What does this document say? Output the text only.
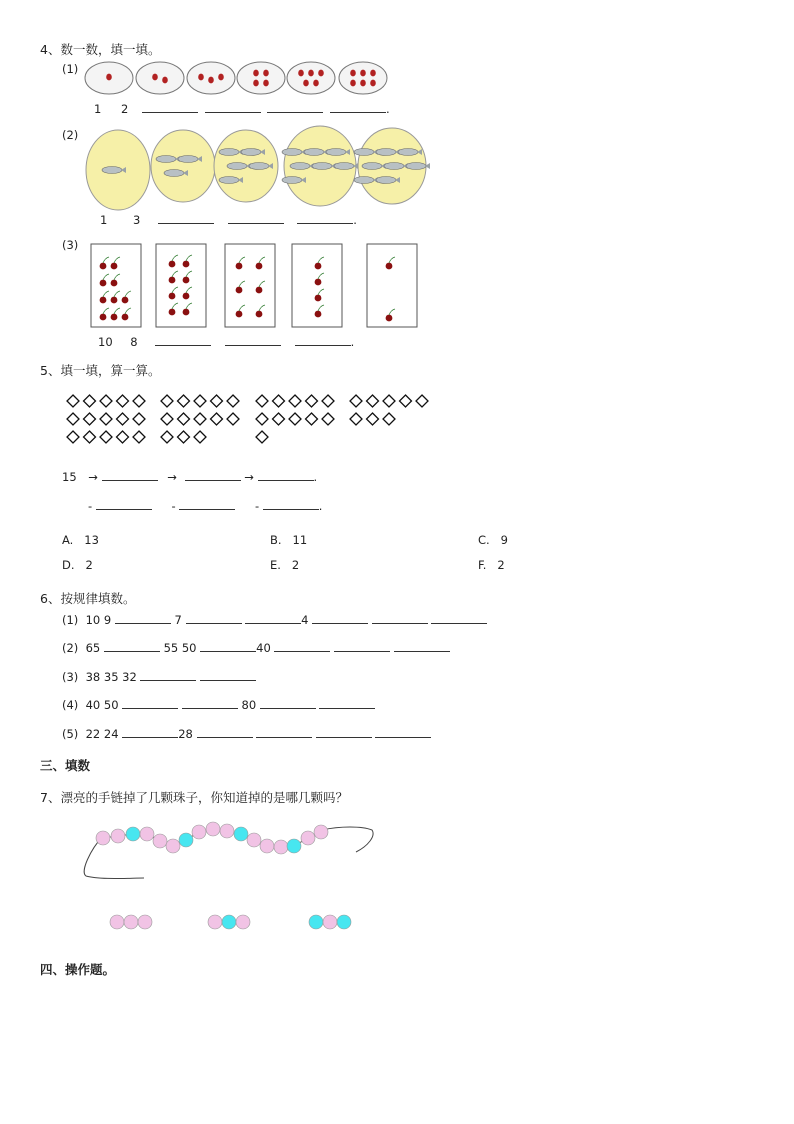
4、数一数，填一填。
(1)
1 2	.
(2)
1 3	.
(3)
10 8	.
5、填一填，算一算。
15 →	→	→	.
-	-	-	.
A. 13	B. 11	C. 9
D. 2	E. 2	F. 2
6、按规律填数。
(1) 10 9	7	4
(2) 65	55 50	40
(3) 38 35 32
(4) 40 50	80
(5) 22 24	28
三、填数
7、漂亮的手链掉了几颗珠子，你知道掉的是哪几颗吗？
四、操作题。
